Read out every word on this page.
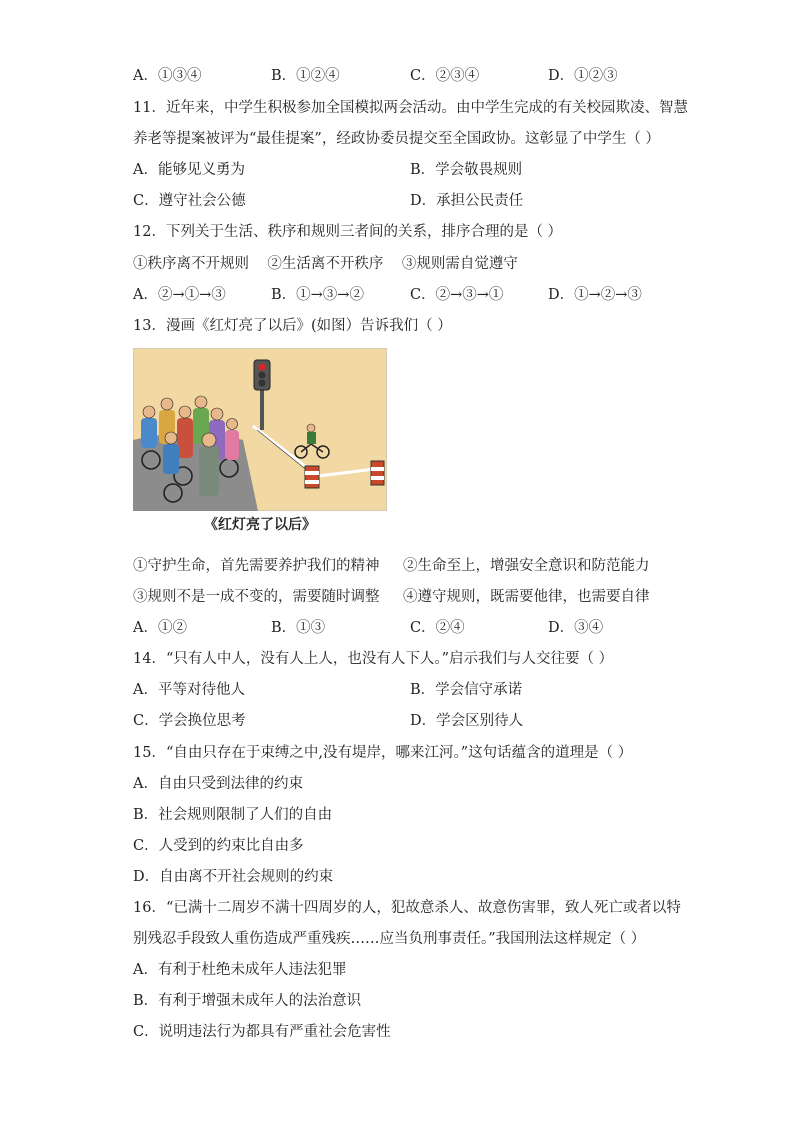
A．①③④	B．①②④	C．②③④	D．①②③
11．近年来，中学生积极参加全国模拟两会活动。由中学生完成的有关校园欺凌、智慧
养老等提案被评为“最佳提案”，经政协委员提交至全国政协。这彰显了中学生（ ）
A．能够见义勇为	B．学会敬畏规则
C．遵守社会公德	D．承担公民责任
12．下列关于生活、秩序和规则三者间的关系，排序合理的是（ ）
①秩序离不开规则    ②生活离不开秩序    ③规则需自觉遵守
A．②→①→③	B．①→③→②	C．②→③→①	D．①→②→③
13．漫画《红灯亮了以后》(如图）告诉我们（ ）
《红灯亮了以后》
①守护生命，首先需要养护我们的精神 ②生命至上，增强安全意识和防范能力
③规则不是一成不变的，需要随时调整 ④遵守规则，既需要他律，也需要自律
A．①②	B．①③	C．②④	D．③④
14．“只有人中人，没有人上人，也没有人下人。”启示我们与人交往要（ ）
A．平等对待他人	B．学会信守承诺
C．学会换位思考	D．学会区别待人
15．“自由只存在于束缚之中,没有堤岸，哪来江河。”这句话蕴含的道理是（ ）
A．自由只受到法律的约束
B．社会规则限制了人们的自由
C．人受到的约束比自由多
D．自由离不开社会规则的约束
16．“已满十二周岁不满十四周岁的人，犯故意杀人、故意伤害罪，致人死亡或者以特
别残忍手段致人重伤造成严重残疾……应当负刑事责任。”我国刑法这样规定（ ）
A．有利于杜绝未成年人违法犯罪
B．有利于增强未成年人的法治意识
C．说明违法行为都具有严重社会危害性
